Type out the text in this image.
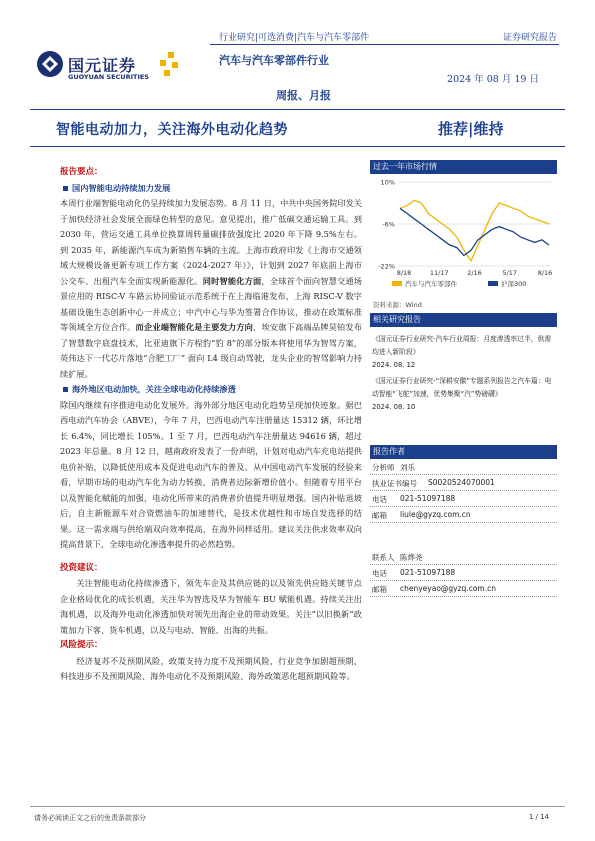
国元证券
GUOYUAN SECURITIES
行业研究|可选消费|汽车与汽车零部件	证券研究报告
汽车与汽车零部件行业
2024 年 08 月 19 日
周报、月报
智能电动加力，关注海外电动化趋势	推荐|维持
报告要点：
国内智能电动持续加力发展
本周行业端智能电动化仍呈持续加力发展态势。8 月 11 日，中共中央国务院印发关于加快经济社会发展全面绿色转型的意见。意见提出，推广低碳交通运输工具。到 2030 年，营运交通工具单位换算周转量碳排放强度比 2020 年下降 9.5%左右。到 2035 年，新能源汽车成为新销售车辆的主流。上海市政府印发《上海市交通领域大规模设备更新专项工作方案（2024-2027 年）》，计划到 2027 年底前上海市公交车、出租汽车全面实现新能源化。同时智能化方面，全球首个面向智慧交通场景应用的 RISC-V 车路云协同验证示范系统于在上海临港发布，上海 RISC-V 数字基础设施生态创新中心一并成立；中汽中心与华为签署合作协议，推动在政策标准等领域全方位合作。而企业端智能化是主要发力方向，埃安旗下高端品牌昊铂发布了智慧数字底盘技术，比亚迪旗下方程豹“豹 8”的部分版本将使用华为智驾方案，英伟达下一代芯片落地“合肥工厂” 面向 L4 级自动驾驶，龙头企业的智驾影响力持续扩展。
海外地区电动加快，关注全球电动化持续渗透
除国内继续有序推进电动化发展外。海外部分地区电动化趋势呈现加快迹象。据巴西电动汽车协会（ABVE），今年 7 月，巴西电动汽车注册量达 15312 辆，环比增长 6.4%，同比增长 105%。1 至 7 月，巴西电动汽车注册量达 94616 辆，超过 2023 年总量。8 月 12 日，越南政府发表了一份声明，计划对电动汽车充电站提供电价补贴，以降低使用成本及促进电动汽车的普及。从中国电动汽车发展的经验来看，早期市场的电动汽车化为动力转换，消费者边际新增价值小。但随着专用平台以及智能化赋能的加强，电动化所带来的消费者价值提升明显增强。国内补贴退坡后，自主新能源车对合资燃油车的加速替代，是技术优越性和市场自发选择的结果。这一需求端与供给端双向效率提高，在海外同样适用。建议关注供求效率双向提高背景下，全球电动化渗透率提升的必然趋势。
投资建议：
关注智能电动化持续渗透下，领先车企及其供应链的以及领先供应链关键节点企业格局优化的成长机遇，关注华为智选及华为智能车 BU 赋能机遇。持续关注出海机遇，以及海外电动化渗透加快对领先出海企业的带动效果。关注“以旧换新”政策加力下客、货车机遇，以及与电动、智能、出海的共振。
风险提示：
经济复苏不及预期风险，政策支持力度不及预期风险，行业竞争加剧超预期，科技进步不及预期风险、海外电动化不及预期风险、海外政策恶化超预期风险等。
过去一年市场行情
10%
-6%
-22%
8/18	11/17	2/16	5/17	8/16
汽车与汽车零部件	沪深300
资料来源：Wind
相关研究报告
《国元证券行业研究-汽车行业周报：月度渗透率过半，供需均进入新阶段》
2024. 08. 12
《国元证券行业研究-“深耕安徽”专题系列报告之汽车篇：电动智能“飞舵”加速，优势集聚“汽”势磅礴》
2024. 08. 10
报告作者
分析师 刘乐
执业证书编号 S0020524070001
电话 021-51097188
邮箱 liule@gyzq.com.cn
联系人 陈烨尧
电话 021-51097188
邮箱 chenyeyao@gyzq.com.cn
请务必阅读正文之后的免责条款部分	1 / 14
